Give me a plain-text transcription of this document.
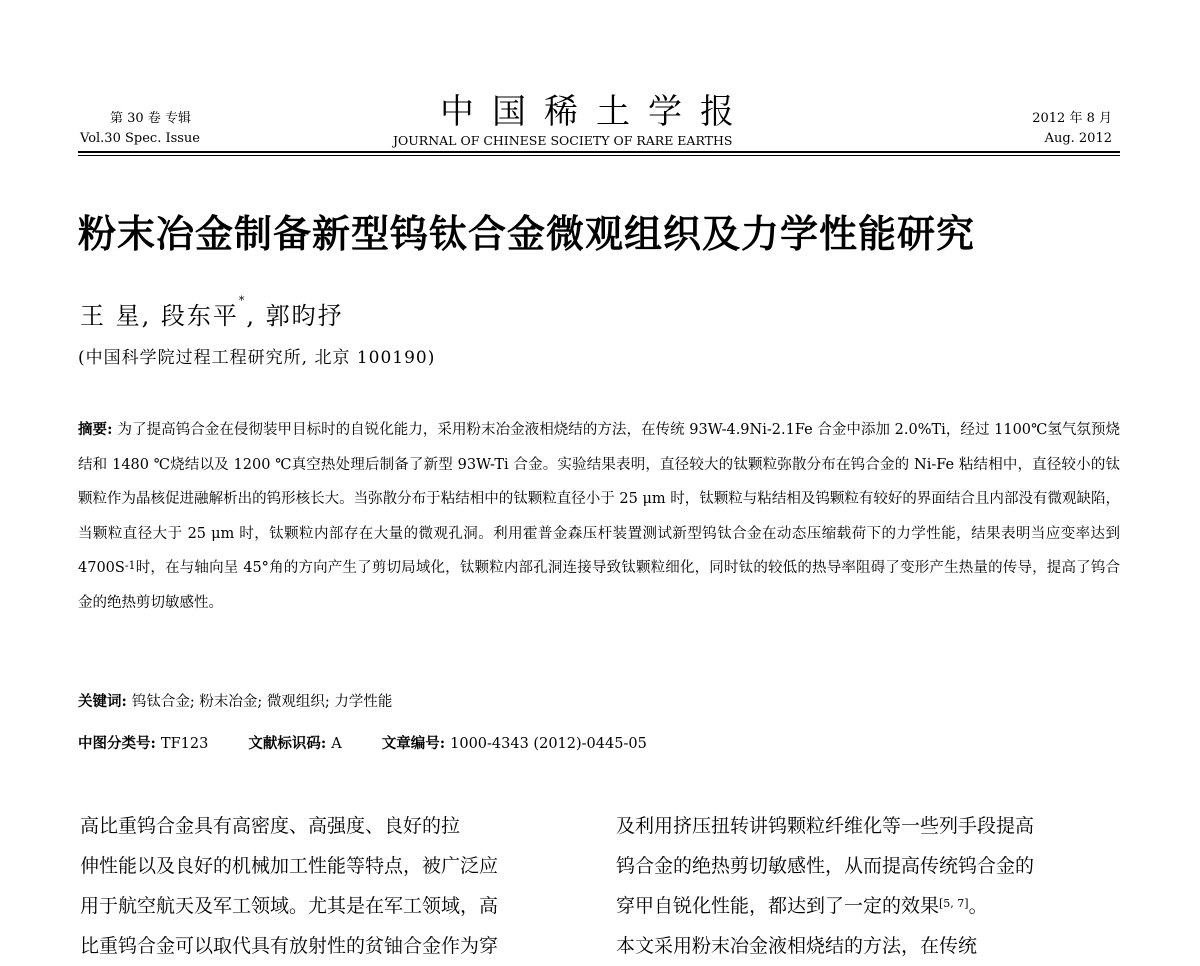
第 30 卷 专辑
Vol.30 Spec. Issue
中国稀土学报
JOURNAL OF CHINESE SOCIETY OF RARE EARTHS
2012 年 8 月
Aug. 2012
粉末冶金制备新型钨钛合金微观组织及力学性能研究
王 星, 段东平*, 郭昀抒
(中国科学院过程工程研究所, 北京 100190)

摘要: 为了提高钨合金在侵彻装甲目标时的自锐化能力，采用粉末冶金液相烧结的方法，在传统 93W-4.9Ni-2.1Fe 合金中添加 2.0%Ti，经过 1100℃氢气氛预烧结和 1480 ℃烧结以及 1200 ℃真空热处理后制备了新型 93W-Ti 合金。实验结果表明，直径较大的钛颗粒弥散分布在钨合金的 Ni-Fe 粘结相中，直径较小的钛颗粒作为晶核促进融解析出的钨形核长大。当弥散分布于粘结相中的钛颗粒直径小于 25 μm 时，钛颗粒与粘结相及钨颗粒有较好的界面结合且内部没有微观缺陷，当颗粒直径大于 25 μm 时，钛颗粒内部存在大量的微观孔洞。利用霍普金森压杆装置测试新型钨钛合金在动态压缩载荷下的力学性能，结果表明当应变率达到 $4700S^{-1}$时，在与轴向呈 45°角的方向产生了剪切局域化，钛颗粒内部孔洞连接导致钛颗粒细化，同时钛的较低的热导率阻碍了变形产生热量的传导，提高了钨合金的绝热剪切敏感性。

关键词: 钨钛合金; 粉末冶金; 微观组织; 力学性能
中图分类号: TF123	文献标识码: A	文章编号: 1000-4343 (2012)-0445-05

高比重钨合金具有高密度、高强度、良好的拉

伸性能以及良好的机械加工性能等特点，被广泛应

用于航空航天及军工领域。尤其是在军工领域，高

比重钨合金可以取代具有放射性的贫铀合金作为穿

及利用挤压扭转讲钨颗粒纤维化等一些列手段提高

钨合金的绝热剪切敏感性，从而提高传统钨合金的

穿甲自锐化性能，都达到了一定的效果[5, 7]。

本文采用粉末冶金液相烧结的方法，在传统
